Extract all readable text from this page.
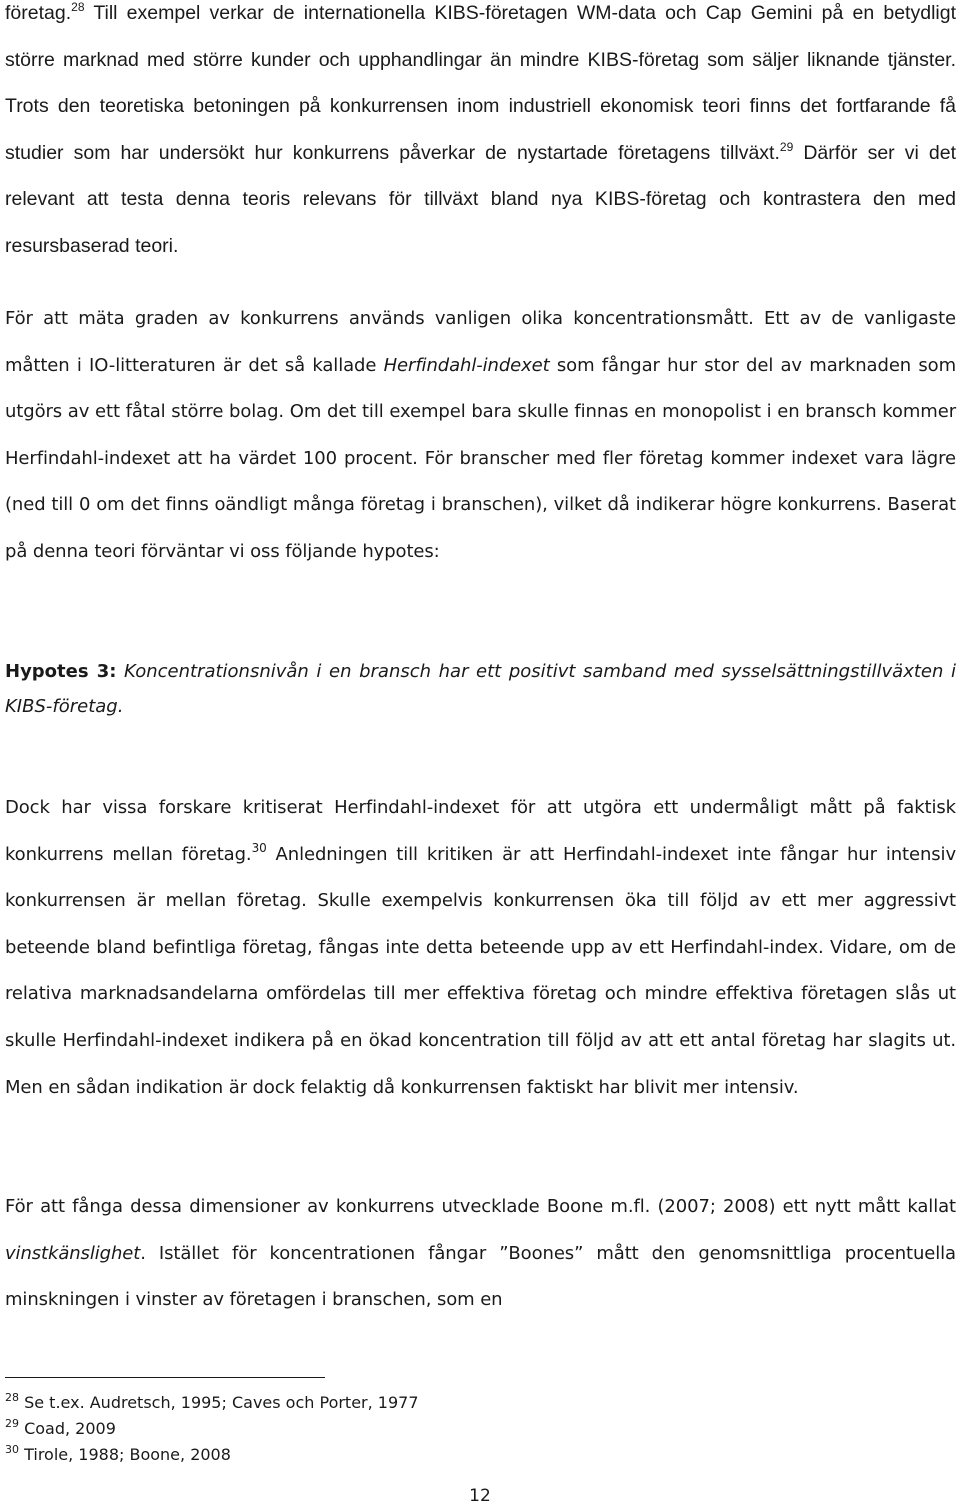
företag.$^{28}$ Till exempel verkar de internationella KIBS-företagen WM-data och Cap Gemini på en betydligt större marknad med större kunder och upphandlingar än mindre KIBS-företag som säljer liknande tjänster. Trots den teoretiska betoningen på konkurrensen inom industriell ekonomisk teori finns det fortfarande få studier som har undersökt hur konkurrens påverkar de nystartade företagens tillväxt.$^{29}$ Därför ser vi det relevant att testa denna teoris relevans för tillväxt bland nya KIBS-företag och kontrastera den med resursbaserad teori.

För att mäta graden av konkurrens används vanligen olika koncentrationsmått. Ett av de vanligaste måtten i IO-litteraturen är det så kallade Herfindahl-indexet som fångar hur stor del av marknaden som utgörs av ett fåtal större bolag. Om det till exempel bara skulle finnas en monopolist i en bransch kommer Herfindahl-indexet att ha värdet 100 procent. För branscher med fler företag kommer indexet vara lägre (ned till 0 om det finns oändligt många företag i branschen), vilket då indikerar högre konkurrens. Baserat på denna teori förväntar vi oss följande hypotes:

Hypotes 3: Koncentrationsnivån i en bransch har ett positivt samband med sysselsättningstillväxten i KIBS-företag.

Dock har vissa forskare kritiserat Herfindahl-indexet för att utgöra ett undermåligt mått på faktisk konkurrens mellan företag.$^{30}$ Anledningen till kritiken är att Herfindahl-indexet inte fångar hur intensiv konkurrensen är mellan företag. Skulle exempelvis konkurrensen öka till följd av ett mer aggressivt beteende bland befintliga företag, fångas inte detta beteende upp av ett Herfindahl-index. Vidare, om de relativa marknadsandelarna omfördelas till mer effektiva företag och mindre effektiva företagen slås ut skulle Herfindahl-indexet indikera på en ökad koncentration till följd av att ett antal företag har slagits ut. Men en sådan indikation är dock felaktig då konkurrensen faktiskt har blivit mer intensiv.

För att fånga dessa dimensioner av konkurrens utvecklade Boone m.fl. (2007; 2008) ett nytt mått kallat vinstkänslighet. Istället för koncentrationen fångar ”Boones” mått den genomsnittliga procentuella minskningen i vinster av företagen i branschen, som en

$^{28}$ Se t.ex. Audretsch, 1995; Caves och Porter, 1977

$^{29}$ Coad, 2009

$^{30}$ Tirole, 1988; Boone, 2008

12
